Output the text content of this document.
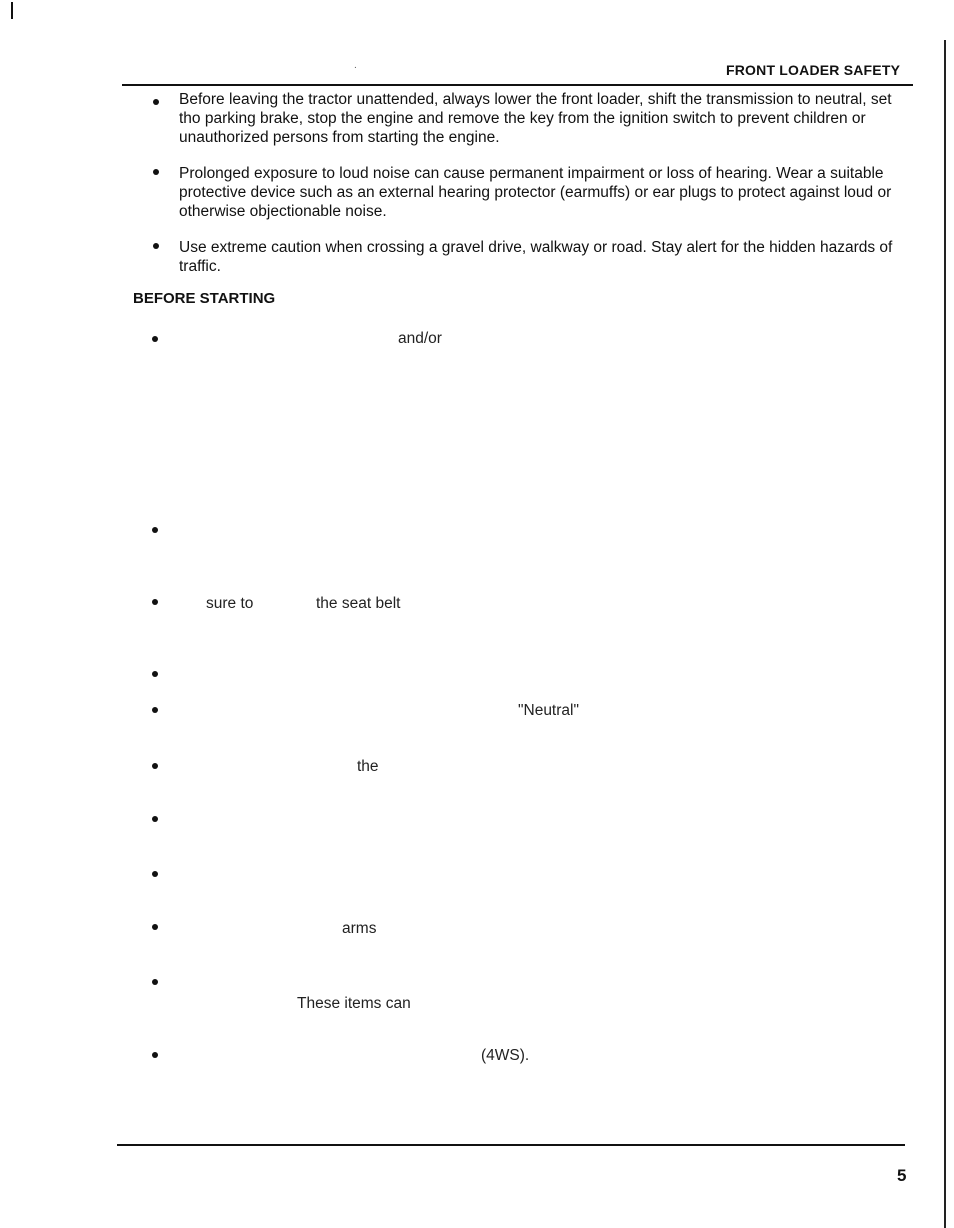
.	FRONT LOADER SAFETY
Before leaving the tractor unattended, always lower the front loader, shift the transmission to neutral, set tho parking brake, stop the engine and remove the key from the ignition switch to prevent children or unauthorized persons from starting the engine.
Prolonged exposure to loud noise can cause permanent impairment or loss of hearing. Wear a suitable protective device such as an external hearing protector (earmuffs) or ear plugs to protect against loud or otherwise objectionable noise.
Use extreme caution when crossing a gravel drive, walkway or road. Stay alert for the hidden hazards of traffic.
BEFORE STARTING
and/or
sure to	the seat belt
"Neutral"
the
arms
These items can
(4WS).
5
